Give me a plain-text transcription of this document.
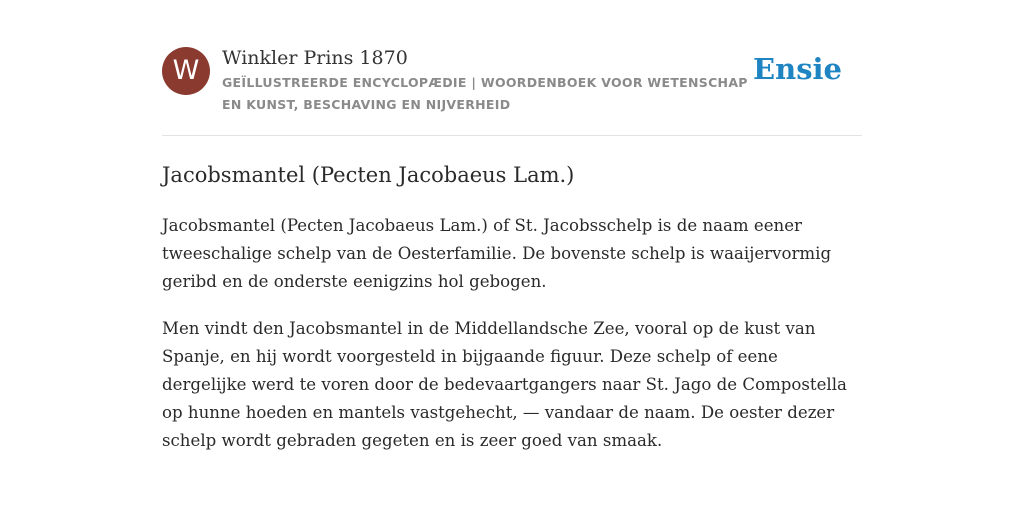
W	Winkler Prins 1870
GEÏLLUSTREERDE ENCYCLOPÆDIE | WOORDENBOEK VOOR WETENSCHAP EN KUNST, BESCHAVING EN NIJVERHEID
Ensie
Jacobsmantel (Pecten Jacobaeus Lam.)

Jacobsmantel (Pecten Jacobaeus Lam.) of St. Jacobsschelp is de naam eener tweeschalige schelp van de Oesterfamilie. De bovenste schelp is waaijervormig geribd en de onderste eenigzins hol gebogen.

Men vindt den Jacobsmantel in de Middellandsche Zee, vooral op de kust van Spanje, en hij wordt voorgesteld in bijgaande figuur. Deze schelp of eene dergelijke werd te voren door de bedevaartgangers naar St. Jago de Compostella op hunne hoeden en mantels vastgehecht, — vandaar de naam. De oester dezer schelp wordt gebraden gegeten en is zeer goed van smaak.
